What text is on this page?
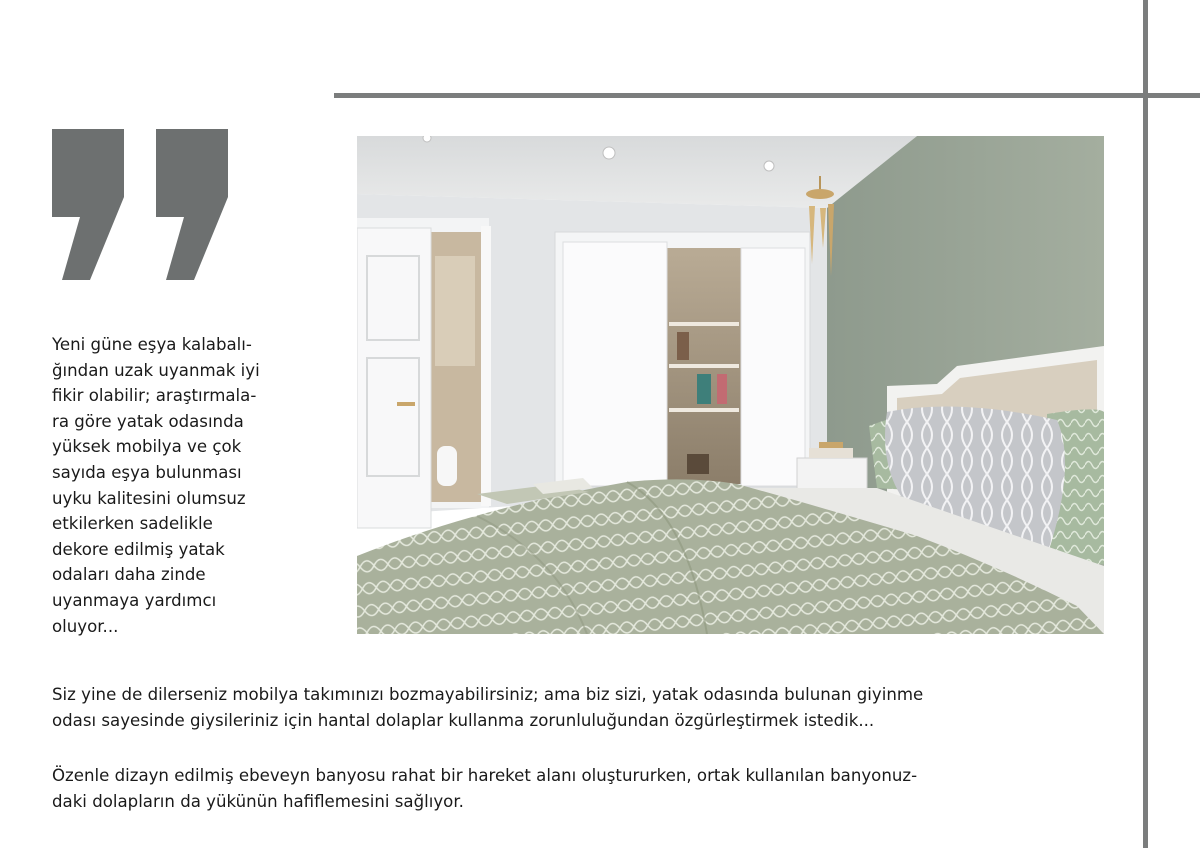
Yeni güne eşya kalabalı-
ğından uzak uyanmak iyi
fikir olabilir; araştırmala-
ra göre yatak odasında
yüksek mobilya ve çok
sayıda eşya bulunması
uyku kalitesini olumsuz
etkilerken sadelikle
dekore edilmiş yatak
odaları daha zinde
uyanmaya yardımcı
oluyor...

Siz yine de dilerseniz mobilya takımınızı bozmayabilirsiniz; ama biz sizi, yatak odasında bulunan giyinme
odası sayesinde giysileriniz için hantal dolaplar kullanma zorunluluğundan özgürleştirmek istedik...

Özenle dizayn edilmiş ebeveyn banyosu rahat bir hareket alanı oluştururken, ortak kullanılan banyonuz-
daki dolapların da yükünün hafiflemesini sağlıyor.
